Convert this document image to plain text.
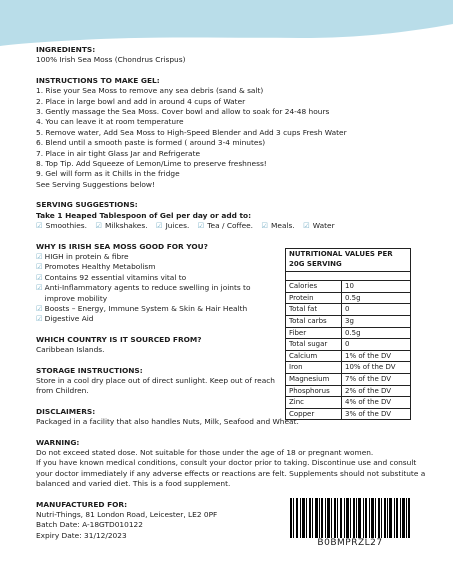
INGREDIENTS:
100% Irish Sea Moss (Chondrus Crispus)
INSTRUCTIONS TO MAKE GEL:
1. Rise your Sea Moss to remove any sea debris (sand & salt)
2. Place in large bowl and add in around 4 cups of Water
3. Gently massage the Sea Moss. Cover bowl and allow to soak for 24-48 hours
4. You can leave it at room temperature
5. Remove water, Add Sea Moss to High-Speed Blender and Add 3 cups Fresh Water
6. Blend until a smooth paste is formed ( around 3-4 minutes)
7. Place in air tight Glass Jar and Refrigerate
8. Top Tip. Add Squeeze of Lemon/Lime to preserve freshness!
9. Gel will form as it Chills in the fridge
See Serving Suggestions below!
SERVING SUGGESTIONS:
Take 1 Heaped Tablespoon of Gel per day or add to:
☑ Smoothies. ☑ Milkshakes. ☑ Juices. ☑ Tea / Coffee. ☑ Meals. ☑ Water
WHY IS IRISH SEA MOSS GOOD FOR YOU?
☑ HIGH in protein & fibre
☑ Promotes Healthy Metabolism
☑ Contains 92 essential vitamins vital to
☑ Anti-Inflammatory agents to reduce swelling in joints to improve mobility
☑ Boosts – Energy, Immune System & Skin & Hair Health
☑ Digestive Aid
WHICH COUNTRY IS IT SOURCED FROM?
Caribbean Islands.
STORAGE INSTRUCTIONS:
Store in a cool dry place out of direct sunlight. Keep out of reach from Children.
DISCLAIMERS:
Packaged in a facility that also handles Nuts, Milk, Seafood and Wheat.
WARNING:
Do not exceed stated dose. Not suitable for those under the age of 18 or pregnant women.
If you have known medical conditions, consult your doctor prior to taking. Discontinue use and consult your doctor immediately if any adverse effects or reactions are felt. Supplements should not substitute a balanced and varied diet. This is a food supplement.
MANUFACTURED FOR:
Nutri-Things, 81 London Road, Leicester, LE2 0PF
Batch Date: A-18GTD010122
Expiry Date: 31/12/2023
NUTRITIONAL VALUES PER 20G SERVING
Calories	10
Protein	0.5g
Total fat	0
Total carbs	3g
Fiber	0.5g
Total sugar	0
Calcium	1% of the DV
Iron	10% of the DV
Magnesium	7% of the DV
Phosphorus	2% of the DV
Zinc	4% of the DV
Copper	3% of the DV
B0BMPRZL27
